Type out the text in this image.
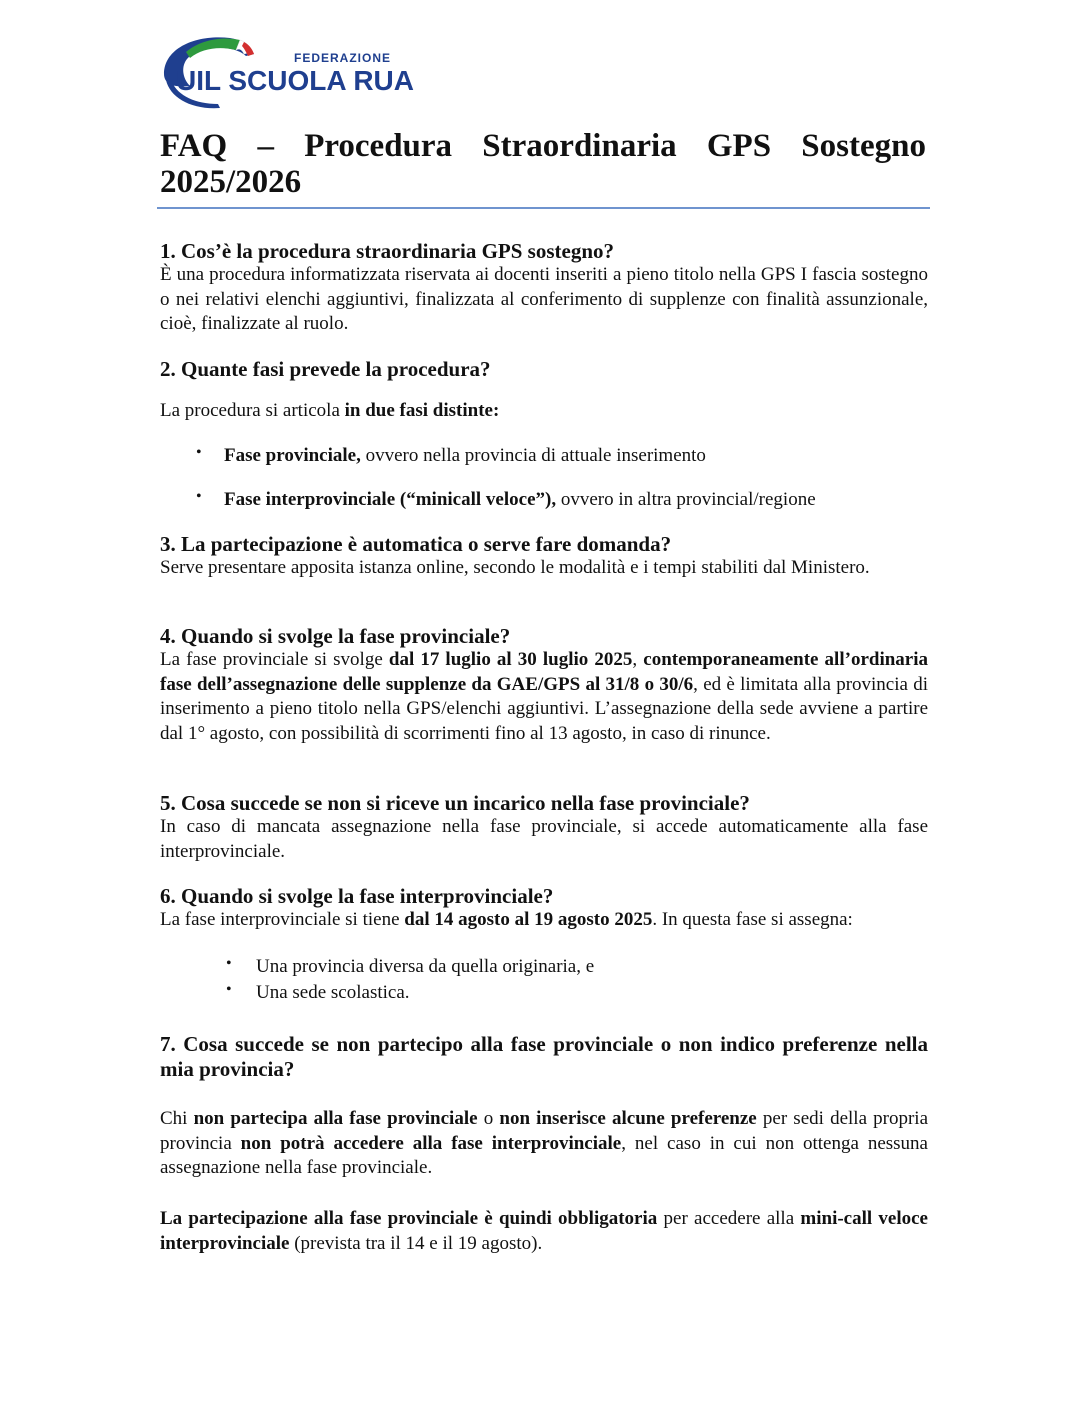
FEDERAZIONE
UIL SCUOLA RUA
FAQ – Procedura Straordinaria GPS Sostegno 2025/2026

1. Cos’è la procedura straordinaria GPS sostegno?

È una procedura informatizzata riservata ai docenti inseriti a pieno titolo nella GPS I fascia sostegno o nei relativi elenchi aggiuntivi, finalizzata al conferimento di supplenze con finalità assunzionale, cioè, finalizzate al ruolo.

2. Quante fasi prevede la procedura?

La procedura si articola in due fasi distinte:

•	Fase provinciale, ovvero nella provincia di attuale inserimento

•	Fase interprovinciale (“minicall veloce”), ovvero in altra provincial/regione

3. La partecipazione è automatica o serve fare domanda?

Serve presentare apposita istanza online, secondo le modalità e i tempi stabiliti dal Ministero.

4. Quando si svolge la fase provinciale?

La fase provinciale si svolge dal 17 luglio al 30 luglio 2025, contemporaneamente all’ordinaria fase dell’assegnazione delle supplenze da GAE/GPS al 31/8 o 30/6, ed è limitata alla provincia di inserimento a pieno titolo nella GPS/elenchi aggiuntivi. L’assegnazione della sede avviene a partire dal 1° agosto, con possibilità di scorrimenti fino al 13 agosto, in caso di rinunce.

5. Cosa succede se non si riceve un incarico nella fase provinciale?

In caso di mancata assegnazione nella fase provinciale, si accede automaticamente alla fase interprovinciale.

6. Quando si svolge la fase interprovinciale?

La fase interprovinciale si tiene dal 14 agosto al 19 agosto 2025. In questa fase si assegna:

•	Una provincia diversa da quella originaria, e

•	Una sede scolastica.

7. Cosa succede se non partecipo alla fase provinciale o non indico preferenze nella mia provincia?

Chi non partecipa alla fase provinciale o non inserisce alcune preferenze per sedi della propria provincia non potrà accedere alla fase interprovinciale, nel caso in cui non ottenga nessuna assegnazione nella fase provinciale.

La partecipazione alla fase provinciale è quindi obbligatoria per accedere alla mini-call veloce interprovinciale (prevista tra il 14 e il 19 agosto).
